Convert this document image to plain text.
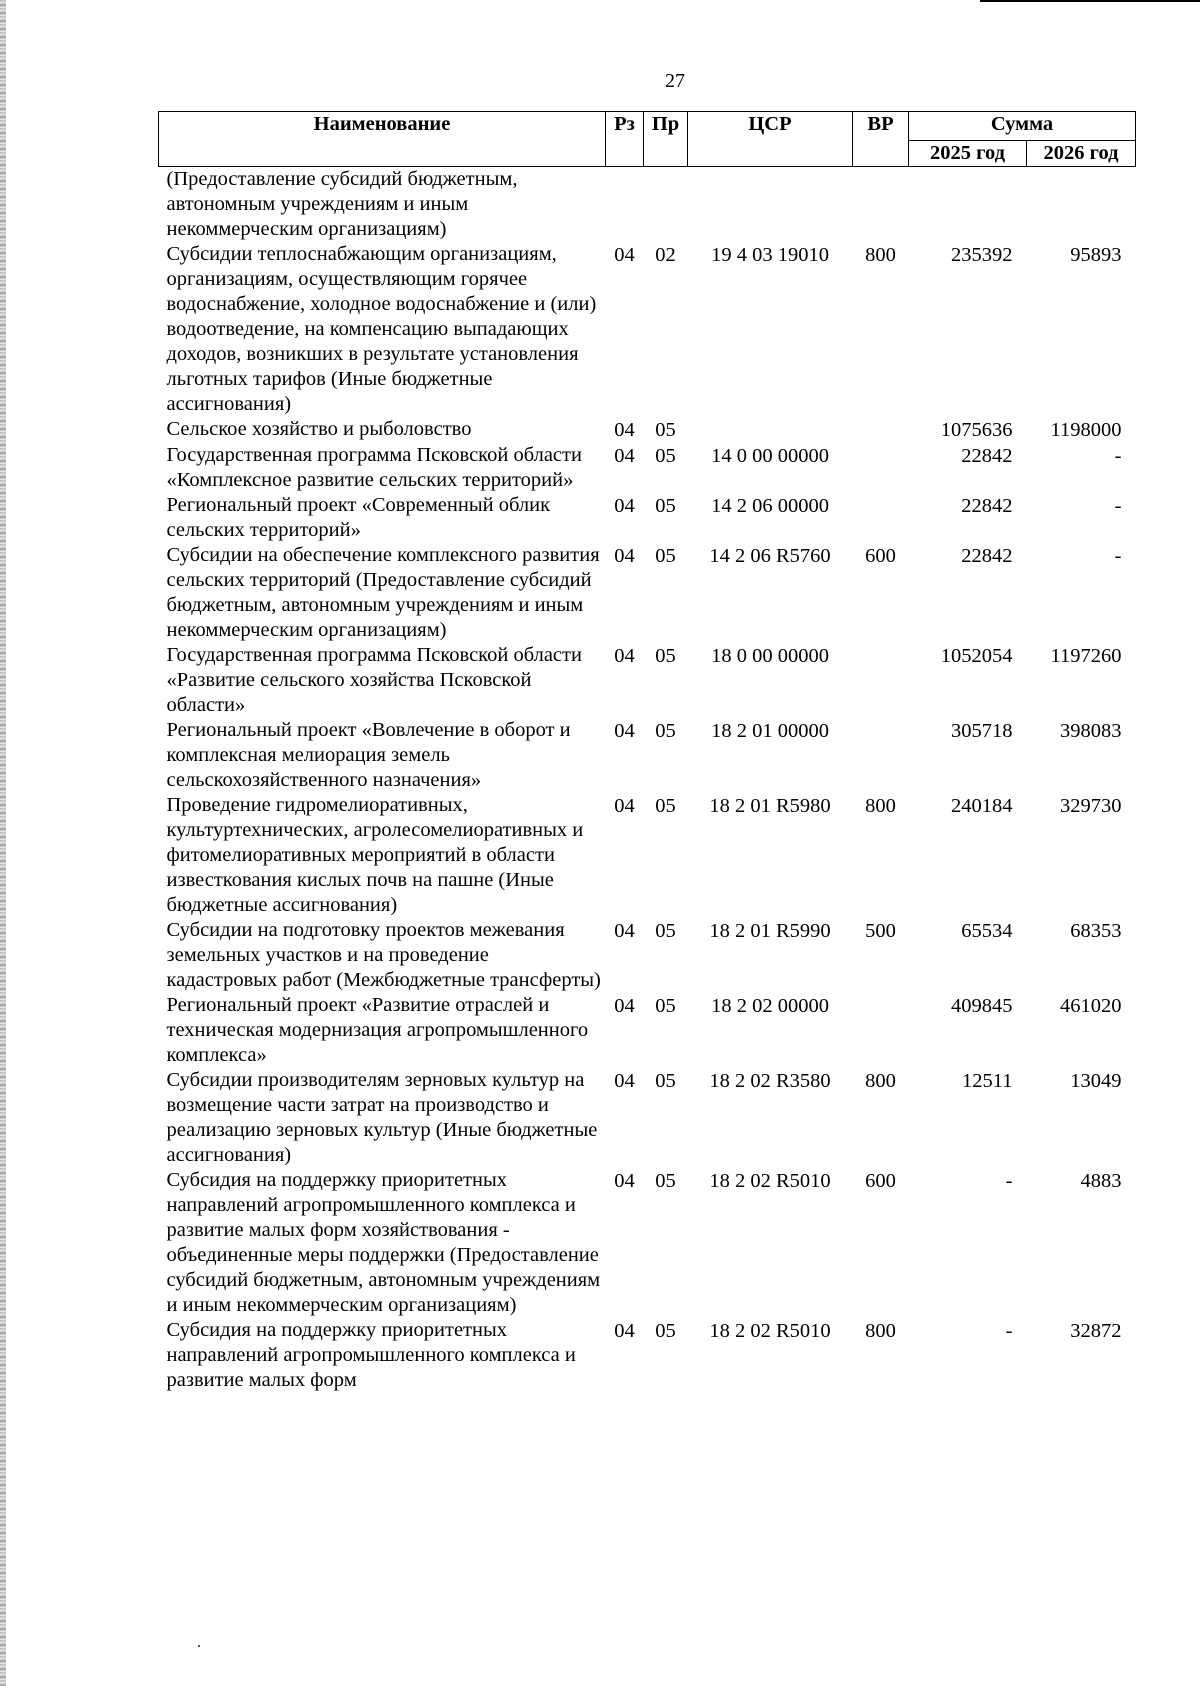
27
Наименование	Рз	Пр	ЦСР	ВР	Сумма	
					2025 год	2026 год
(Предоставление субсидий бюджетным, автономным учреждениям и иным некоммерческим организациям)						
Субсидии теплоснабжающим организациям, организациям, осуществляющим горячее водоснабжение, холодное водоснабжение и (или) водоотведение, на компенсацию выпадающих доходов, возникших в результате установления льготных тарифов (Иные бюджетные ассигнования)	04	02	19 4 03 19010	800	235392	95893
Сельское хозяйство и рыболовство	04	05			1075636	1198000
Государственная программа Псковской области «Комплексное развитие сельских территорий»	04	05	14 0 00 00000		22842	-
Региональный проект «Современный облик сельских территорий»	04	05	14 2 06 00000		22842	-
Субсидии на обеспечение комплексного развития сельских территорий (Предоставление субсидий бюджетным, автономным учреждениям и иным некоммерческим организациям)	04	05	14 2 06 R5760	600	22842	-
Государственная программа Псковской области «Развитие сельского хозяйства Псковской области»	04	05	18 0 00 00000		1052054	1197260
Региональный проект «Вовлечение в оборот и комплексная мелиорация земель сельскохозяйственного назначения»	04	05	18 2 01 00000		305718	398083
Проведение гидромелиоративных, культуртехнических, агролесомелиоративных и фитомелиоративных мероприятий в области известкования кислых почв на пашне (Иные бюджетные ассигнования)	04	05	18 2 01 R5980	800	240184	329730
Субсидии на подготовку проектов межевания земельных участков и на проведение кадастровых работ (Межбюджетные трансферты)	04	05	18 2 01 R5990	500	65534	68353
Региональный проект «Развитие отраслей и техническая модернизация агропромышленного комплекса»	04	05	18 2 02 00000		409845	461020
Субсидии производителям зерновых культур на возмещение части затрат на производство и реализацию зерновых культур (Иные бюджетные ассигнования)	04	05	18 2 02 R3580	800	12511	13049
Субсидия на поддержку приоритетных направлений агропромышленного комплекса и развитие малых форм хозяйствования - объединенные меры поддержки (Предоставление субсидий бюджетным, автономным учреждениям и иным некоммерческим организациям)	04	05	18 2 02 R5010	600	-	4883
Субсидия на поддержку приоритетных направлений агропромышленного комплекса и развитие малых форм	04	05	18 2 02 R5010	800	-	32872
